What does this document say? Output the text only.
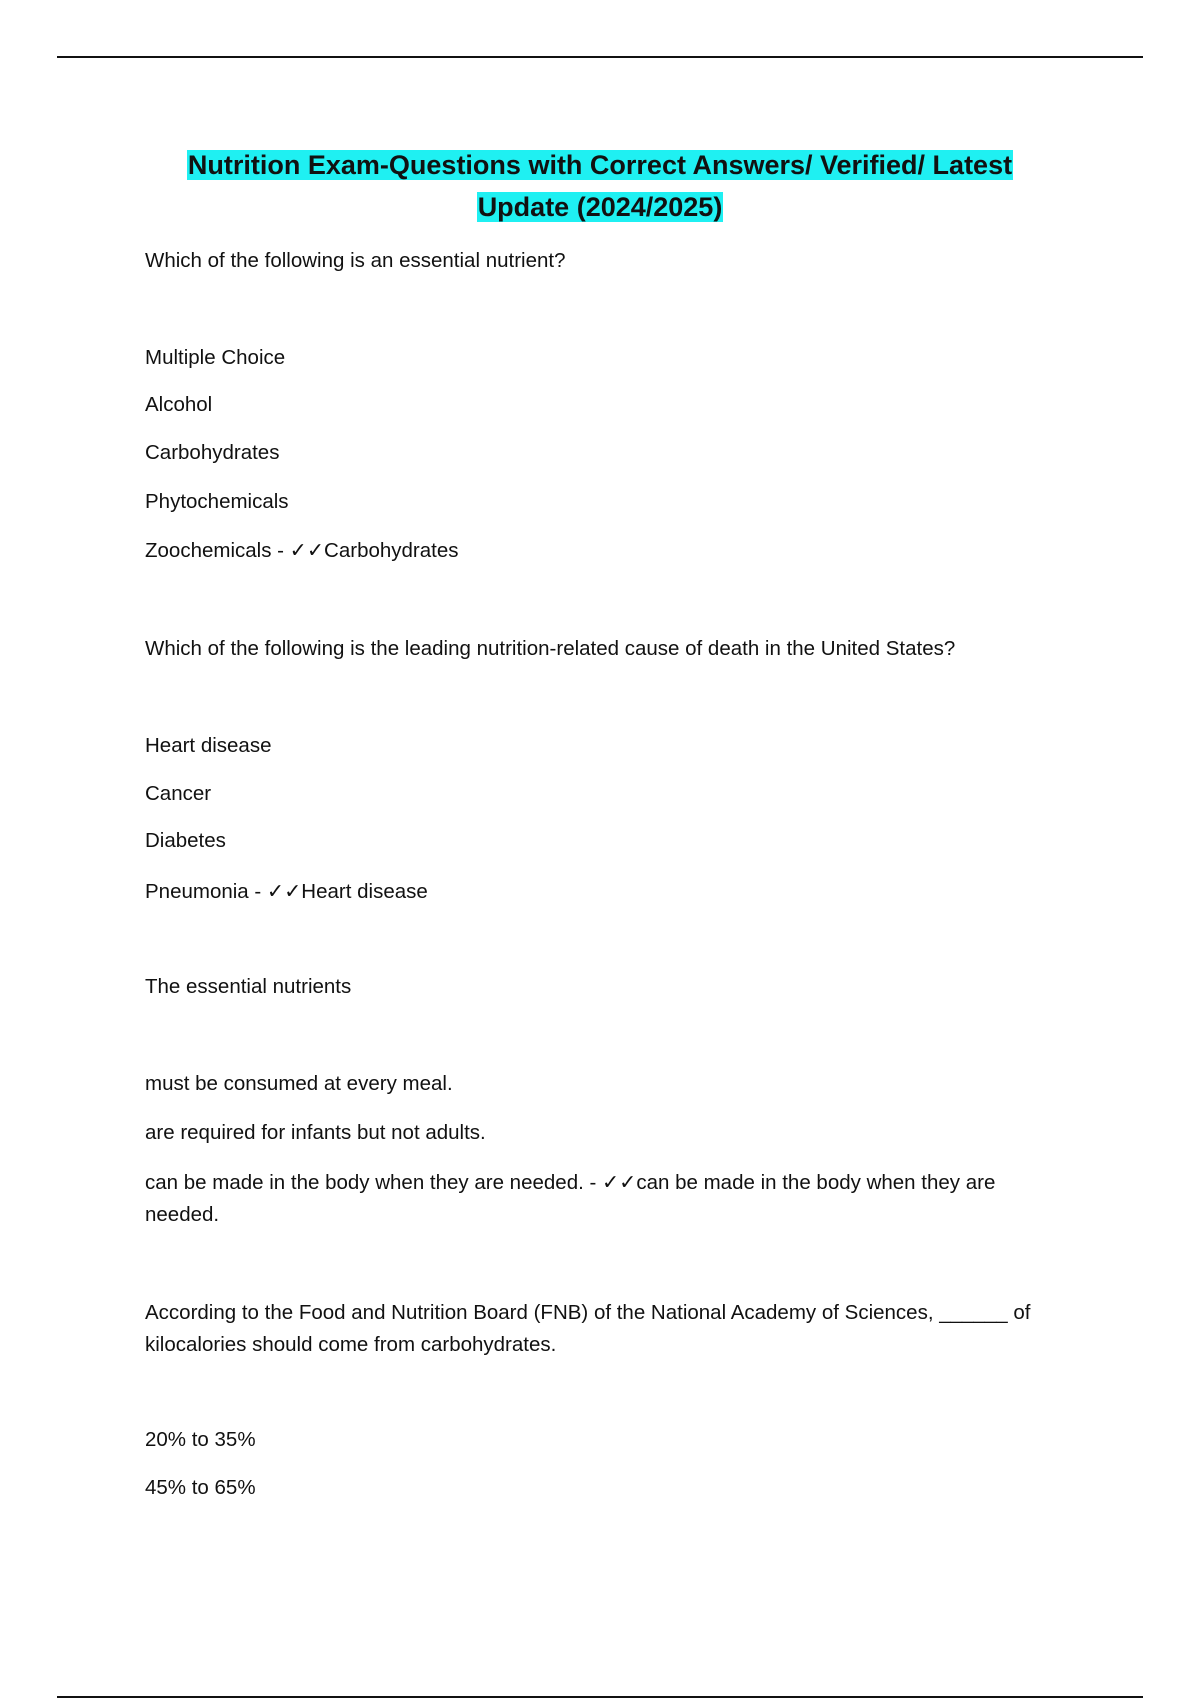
Nutrition Exam-Questions with Correct Answers/ Verified/ Latest
Update (2024/2025)

Which of the following is an essential nutrient?

Multiple Choice

Alcohol

Carbohydrates

Phytochemicals

Zoochemicals - ✓✓Carbohydrates

Which of the following is the leading nutrition-related cause of death in the United States?

Heart disease

Cancer

Diabetes

Pneumonia - ✓✓Heart disease

The essential nutrients

must be consumed at every meal.

are required for infants but not adults.

can be made in the body when they are needed. - ✓✓can be made in the body when they are needed.

According to the Food and Nutrition Board (FNB) of the National Academy of Sciences, ______ of kilocalories should come from carbohydrates.

20% to 35%

45% to 65%
